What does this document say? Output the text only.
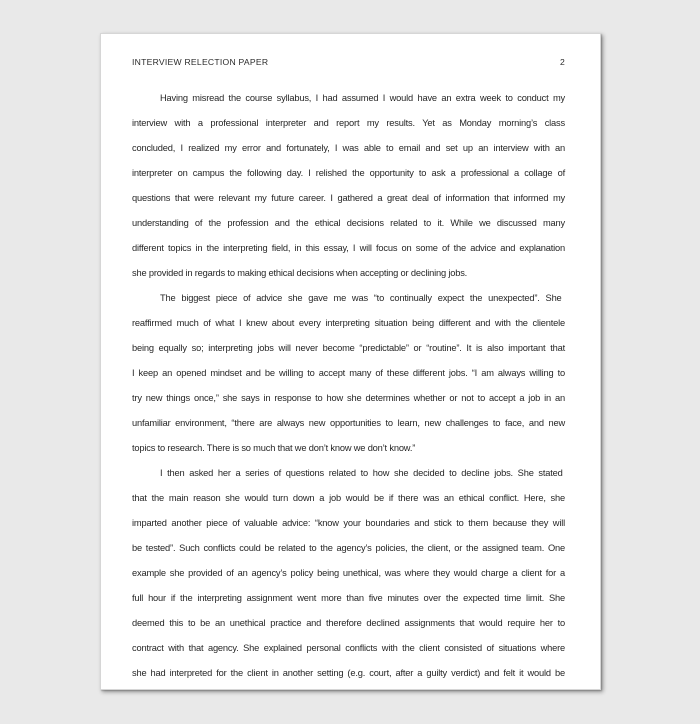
INTERVIEW RELECTION PAPER	2
Having misread the course syllabus, I had assumed I would have an extra week to conduct my
interview with a professional interpreter and report my results. Yet as Monday morning’s class
concluded, I realized my error and fortunately, I was able to email and set up an interview with an
interpreter on campus the following day. I relished the opportunity to ask a professional a collage of
questions that were relevant my future career. I gathered a great deal of information that informed my
understanding of the profession and the ethical decisions related to it. While we discussed many
different topics in the interpreting field, in this essay, I will focus on some of the advice and explanation
she provided in regards to making ethical decisions when accepting or declining jobs.
The biggest piece of advice she gave me was “to continually expect the unexpected”. She
reaffirmed much of what I knew about every interpreting situation being different and with the clientele
being equally so; interpreting jobs will never become “predictable” or “routine”. It is also important that
I keep an opened mindset and be willing to accept many of these different jobs. “I am always willing to
try new things once,” she says in response to how she determines whether or not to accept a job in an
unfamiliar environment, “there are always new opportunities to learn, new challenges to face, and new
topics to research. There is so much that we don’t know we don’t know.”
I then asked her a series of questions related to how she decided to decline jobs. She stated
that the main reason she would turn down a job would be if there was an ethical conflict. Here, she
imparted another piece of valuable advice: “know your boundaries and stick to them because they will
be tested”. Such conflicts could be related to the agency’s policies, the client, or the assigned team. One
example she provided of an agency’s policy being unethical, was where they would charge a client for a
full hour if the interpreting assignment went more than five minutes over the expected time limit. She
deemed this to be an unethical practice and therefore declined assignments that would require her to
contract with that agency. She explained personal conflicts with the client consisted of situations where
she had interpreted for the client in another setting (e.g. court, after a guilty verdict) and felt it would be
